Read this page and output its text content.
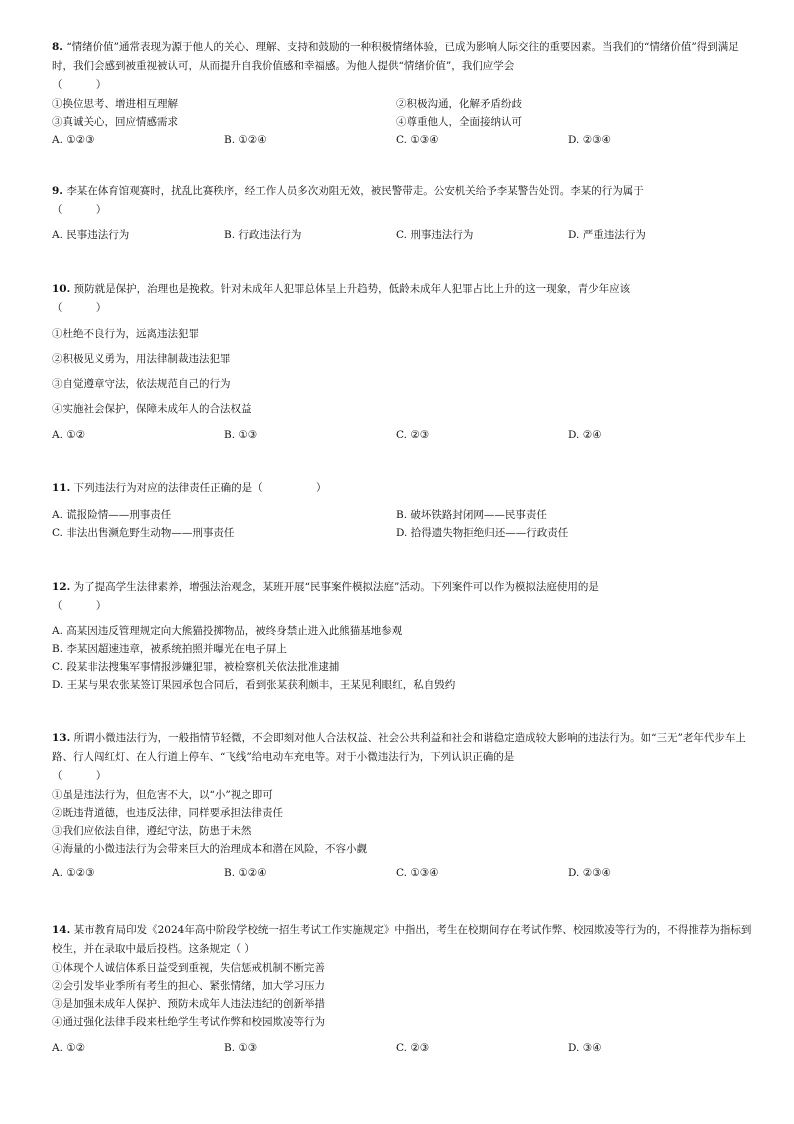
8. “情绪价值”通常表现为源于他人的关心、理解、支持和鼓励的一种积极情绪体验，已成为影响人际交往的重要因素。当我们的“情绪价值”得到满足时，我们会感到被重视被认可，从而提升自我价值感和幸福感。为他人提供“情绪价值”，我们应学会
（          ）

①换位思考、增进相互理解	②积极沟通，化解矛盾纷歧
③真诚关心，回应情感需求	④尊重他人，全面接纳认可
A. ①②③	B. ①②④	C. ①③④	D. ②③④

9. 李某在体育馆观赛时，扰乱比赛秩序，经工作人员多次劝阻无效，被民警带走。公安机关给予李某警告处罚。李某的行为属于
（          ）

A. 民事违法行为	B. 行政违法行为	C. 刑事违法行为	D. 严重违法行为

10. 预防就是保护，治理也是挽救。针对未成年人犯罪总体呈上升趋势，低龄未成年人犯罪占比上升的这一现象，青少年应该
（          ）

①杜绝不良行为，远离违法犯罪

②积极见义勇为，用法律制裁违法犯罪

③自觉遵章守法，依法规范自己的行为

④实施社会保护，保障未成年人的合法权益

A. ①②	B. ①③	C. ②③	D. ②④

11. 下列违法行为对应的法律责任正确的是（                ）

A. 谎报险情——刑事责任	B. 破坏铁路封闭网——民事责任
C. 非法出售濒危野生动物——刑事责任	D. 拾得遗失物拒绝归还——行政责任

12. 为了提高学生法律素养，增强法治观念，某班开展“民事案件模拟法庭”活动。下列案件可以作为模拟法庭使用的是
（          ）

A. 高某因违反管理规定向大熊猫投掷物品，被终身禁止进入此熊猫基地参观

B. 李某因超速违章，被系统拍照并曝光在电子屏上

C. 段某非法搜集军事情报涉嫌犯罪，被检察机关依法批准逮捕

D. 王某与果农张某签订果园承包合同后，看到张某获利颇丰，王某见利眼红，私自毁约

13. 所谓小微违法行为，一般指情节轻微，不会即刻对他人合法权益、社会公共利益和社会和谐稳定造成较大影响的违法行为。如“三无”老年代步车上路、行人闯红灯、在人行道上停车、“飞线”给电动车充电等。对于小微违法行为，下列认识正确的是
（          ）

①虽是违法行为，但危害不大，以“小”视之即可

②既违背道德，也违反法律，同样要承担法律责任

③我们应依法自律，遵纪守法，防患于未然

④海量的小微违法行为会带来巨大的治理成本和潜在风险，不容小觑

A. ①②③	B. ①②④	C. ①③④	D. ②③④

14. 某市教育局印发《2024年高中阶段学校统一招生考试工作实施规定》中指出，考生在校期间存在考试作弊、校园欺凌等行为的，不得推荐为指标到校生，并在录取中最后投档。这条规定（ ）

①体现个人诚信体系日益受到重视，失信惩戒机制不断完善

②会引发毕业季所有考生的担心、紧张情绪，加大学习压力

③是加强未成年人保护、预防未成年人违法违纪的创新举措

④通过强化法律手段来杜绝学生考试作弊和校园欺凌等行为

A. ①②	B. ①③	C. ②③	D. ③④
